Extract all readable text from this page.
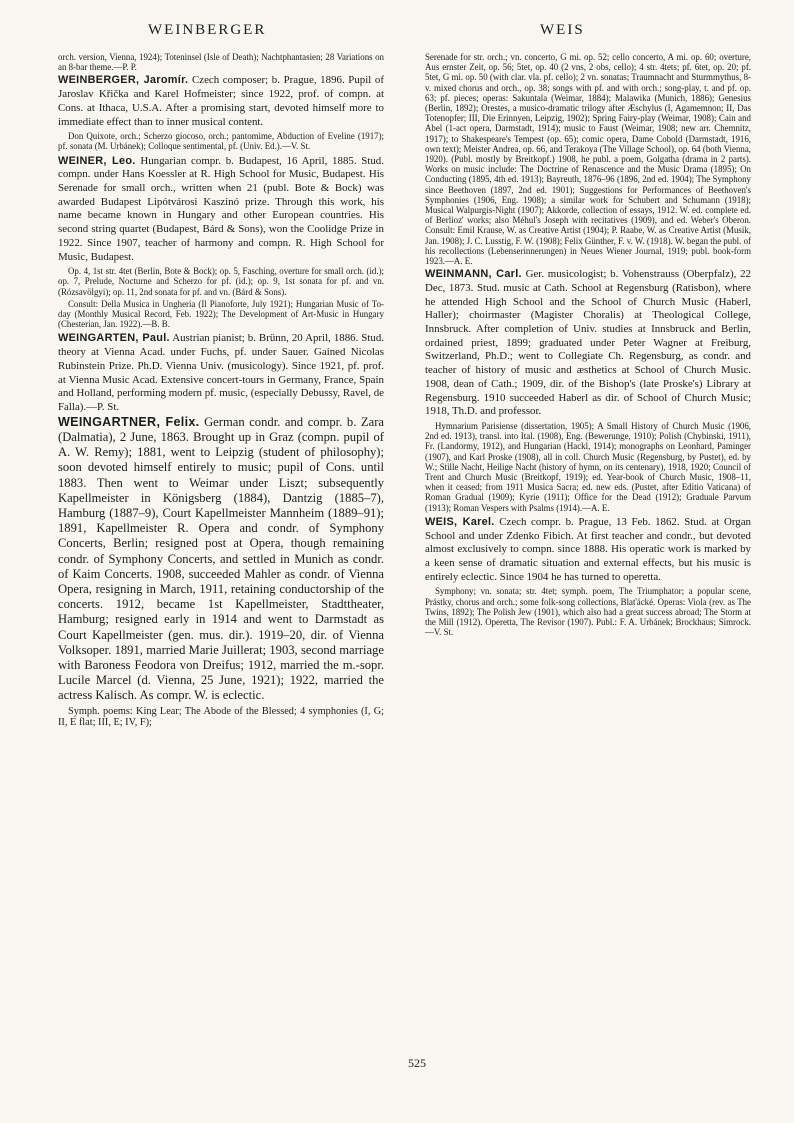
WEINBERGER	WEIS

orch. version, Vienna, 1924); Toteninsel (Isle of Death); Nachtphantasien; 28 Variations on an 8-bar theme.—P. P.

WEINBERGER, Jaromír. Czech composer; b. Prague, 1896. Pupil of Jaroslav Křička and Karel Hofmeister; since 1922, prof. of compn. at Cons. at Ithaca, U.S.A. After a promising start, devoted himself more to immediate effect than to inner musical content.

Don Quixote, orch.; Scherzo giocoso, orch.; pantomime, Abduction of Eveline (1917); pf. sonata (M. Urbánek); Colloque sentimental, pf. (Univ. Ed.).—V. St.

WEINER, Leo. Hungarian compr. b. Budapest, 16 April, 1885. Stud. compn. under Hans Koessler at R. High School for Music, Budapest. His Serenade for small orch., written when 21 (publ. Bote & Bock) was awarded Budapest Lipótvárosi Kaszinó prize. Through this work, his name became known in Hungary and other European countries. His second string quartet (Budapest, Bárd & Sons), won the Coolidge Prize in 1922. Since 1907, teacher of harmony and compn. R. High School for Music, Budapest.

Op. 4, 1st str. 4tet (Berlin, Bote & Bock); op. 5, Fasching, overture for small orch. (id.); op. 7, Prelude, Nocturne and Scherzo for pf. (id.); op. 9, 1st sonata for pf. and vn. (Rózsavölgyi); op. 11, 2nd sonata for pf. and vn. (Bárd & Sons).

Consult: Della Musica in Ungheria (Il Pianoforte, July 1921); Hungarian Music of To-day (Monthly Musical Record, Feb. 1922); The Development of Art-Music in Hungary (Chesterian, Jan. 1922).—B. B.

WEINGARTEN, Paul. Austrian pianist; b. Brünn, 20 April, 1886. Stud. theory at Vienna Acad. under Fuchs, pf. under Sauer. Gained Nicolas Rubinstein Prize. Ph.D. Vienna Univ. (musicology). Since 1921, pf. prof. at Vienna Music Acad. Extensive concert-tours in Germany, France, Spain and Holland, performing modern pf. music, (especially Debussy, Ravel, de Falla).—P. St.

WEINGARTNER, Felix. German condr. and compr. b. Zara (Dalmatia), 2 June, 1863. Brought up in Graz (compn. pupil of A. W. Remy); 1881, went to Leipzig (student of philosophy); soon devoted himself entirely to music; pupil of Cons. until 1883. Then went to Weimar under Liszt; subsequently Kapellmeister in Königsberg (1884), Dantzig (1885–7), Hamburg (1887–9), Court Kapellmeister Mannheim (1889–91); 1891, Kapellmeister R. Opera and condr. of Symphony Concerts, Berlin; resigned post at Opera, though remaining condr. of Symphony Concerts, and settled in Munich as condr. of Kaim Concerts. 1908, succeeded Mahler as condr. of Vienna Opera, resigning in March, 1911, retaining conductorship of the concerts. 1912, became 1st Kapellmeister, Stadttheater, Hamburg; resigned early in 1914 and went to Darmstadt as Court Kapellmeister (gen. mus. dir.). 1919–20, dir. of Vienna Volksoper. 1891, married Marie Juillerat; 1903, second marriage with Baroness Feodora von Dreifus; 1912, married the m.-sopr. Lucile Marcel (d. Vienna, 25 June, 1921); 1922, married the actress Kalisch. As compr. W. is eclectic.

Symph. poems: King Lear; The Abode of the Blessed; 4 symphonies (I, G; II, E flat; III, E; IV, F);

Serenade for str. orch.; vn. concerto, G mi. op. 52; cello concerto, A mi. op. 60; overture, Aus ernster Zeit, op. 56; 5tet, op. 40 (2 vns, 2 obs, cello); 4 str. 4tets; pf. 6tet, op. 20; pf. 5tet, G mi. op. 50 (with clar. vla. pf. cello); 2 vn. sonatas; Traumnacht and Sturmmythus, 8-v. mixed chorus and orch., op. 38; songs with pf. and with orch.; song-play, t. and pf. op. 63; pf. pieces; operas: Sakuntala (Weimar, 1884); Malawika (Munich, 1886); Genesius (Berlin, 1892); Orestes, a musico-dramatic trilogy after Æschylus (I, Agamemnon; II, Das Totenopfer; III, Die Erinnyen, Leipzig, 1902); Spring Fairy-play (Weimar, 1908); Cain and Abel (1-act opera, Darmstadt, 1914); music to Faust (Weimar, 1908; new arr. Chemnitz, 1917); to Shakespeare's Tempest (op. 65); comic opera, Dame Cobold (Darmstadt, 1916, own text); Meister Andrea, op. 66, and Terakoya (The Village School), op. 64 (both Vienna, 1920). (Publ. mostly by Breitkopf.) 1908, he publ. a poem, Golgatha (drama in 2 parts). Works on music include: The Doctrine of Renascence and the Music Drama (1895); On Conducting (1895, 4th ed. 1913); Bayreuth, 1876–96 (1896, 2nd ed. 1904); The Symphony since Beethoven (1897, 2nd ed. 1901); Suggestions for Performances of Beethoven's Symphonies (1906, Eng. 1908); a similar work for Schubert and Schumann (1918); Musical Walpurgis-Night (1907); Akkorde, collection of essays, 1912. W. ed. complete ed. of Berlioz' works; also Méhul's Joseph with recitatives (1909), and ed. Weber's Oberon. Consult: Emil Krause, W. as Creative Artist (1904); P. Raabe, W. as Creative Artist (Musik, Jan. 1908); J. C. Lusstig, F. W. (1908); Felix Günther, F. v. W. (1918). W. began the publ. of his recollections (Lebenserinnerungen) in Neues Wiener Journal, 1919; publ. book-form 1923.—A. E.

WEINMANN, Carl. Ger. musicologist; b. Vohenstrauss (Oberpfalz), 22 Dec, 1873. Stud. music at Cath. School at Regensburg (Ratisbon), where he attended High School and the School of Church Music (Haberl, Haller); choirmaster (Magister Choralis) at Theological College, Innsbruck. After completion of Univ. studies at Innsbruck and Berlin, ordained priest, 1899; graduated under Peter Wagner at Freiburg, Switzerland, Ph.D.; went to Collegiate Ch. Regensburg, as condr. and teacher of history of music and æsthetics at School of Church Music. 1908, dean of Cath.; 1909, dir. of the Bishop's (late Proske's) Library at Regensburg. 1910 succeeded Haberl as dir. of School of Church Music; 1918, Th.D. and professor.

Hymnarium Parisiense (dissertation, 1905); A Small History of Church Music (1906, 2nd ed. 1913), transl. into Ital. (1908), Eng. (Bewerunge, 1910); Polish (Chybinski, 1911), Fr. (Landormy, 1912), and Hungarian (Hackl, 1914); monographs on Leonhard, Paminger (1907), and Karl Proske (1908), all in coll. Church Music (Regensburg, by Pustet), ed. by W.; Stille Nacht, Heilige Nacht (history of hymn, on its centenary), 1918, 1920; Council of Trent and Church Music (Breitkopf, 1919); ed. Year-book of Church Music, 1908–11, when it ceased; from 1911 Musica Sacra; ed. new eds. (Pustet, after Editio Vaticana) of Roman Gradual (1909); Kyrie (1911); Office for the Dead (1912); Graduale Parvum (1913); Roman Vespers with Psalms (1914).—A. E.

WEIS, Karel. Czech compr. b. Prague, 13 Feb. 1862. Stud. at Organ School and under Zdenko Fibich. At first teacher and condr., but devoted almost exclusively to compn. since 1888. His operatic work is marked by a keen sense of dramatic situation and external effects, but his music is entirely eclectic. Since 1904 he has turned to operetta.

Symphony; vn. sonata; str. 4tet; symph. poem, The Triumphator; a popular scene, Prástky, chorus and orch.; some folk-song collections, Blaťácké. Operas: Viola (rev. as The Twins, 1892); The Polish Jew (1901), which also had a great success abroad; The Storm at the Mill (1912). Operetta, The Revisor (1907). Publ.: F. A. Urbánek; Brockhaus; Simrock.—V. St.

525
